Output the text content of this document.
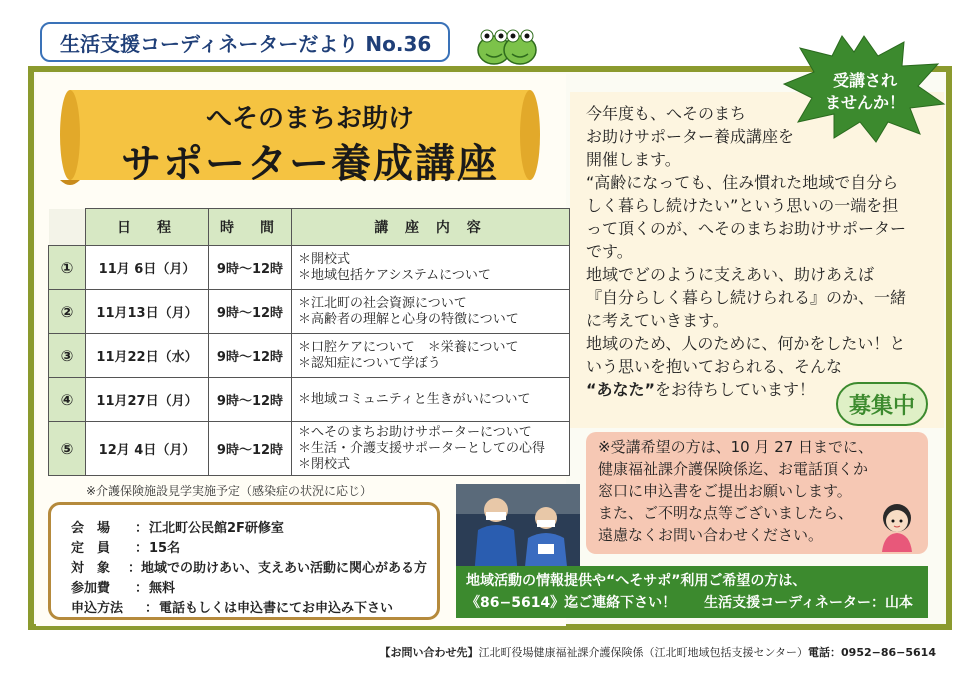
生活支援コーディネーターだより No.36
へそのまちお助け
サポーター養成講座
	日　程	時　間	講 座 内 容
①	11月 6日（月）	9時〜12時	＊開校式
＊地域包括ケアシステムについて

②	11月13日（月）	9時〜12時	＊江北町の社会資源について
＊高齢者の理解と心身の特徴について

③	11月22日（水）	9時〜12時	＊口腔ケアについて　＊栄養について
＊認知症について学ぼう

④	11月27日（月）	9時〜12時	＊地域コミュニティと生きがいについて

⑤	12月 4日（月）	9時〜12時	＊へそのまちお助けサポーターについて
＊生活・介護支援サポーターとしての心得
＊閉校式
※介護保険施設見学実施予定（感染症の状況に応じ）
会　場	： 江北町公民館2F研修室
定　員	： 15名
対　象	： 地域での助けあい、支えあい活動に関心がある方
参加費	： 無料
申込方法	： 電話もしくは申込書にてお申込み下さい
今年度も、へそのまち
お助けサポーター養成講座を
開催します。
“高齢になっても、住み慣れた地域で自分ら
しく暮らし続けたい”という思いの一端を担
って頂くのが、へそのまちお助けサポーター
です。
地域でどのように支えあい、助けあえば
『自分らしく暮らし続けられる』のか、一緒
に考えていきます。
地域のため、人のために、何かをしたい！と
いう思いを抱いておられる、そんな
“あなた”をお待ちしています！
受講され
ませんか！
募集中
※受講希望の方は、10 月 27 日までに、
健康福祉課介護保険係迄、お電話頂くか
窓口に申込書をご提出お願いします。
また、ご不明な点等ございましたら、
遠慮なくお問い合わせください。
地域活動の情報提供や“へそサポ”利用ご希望の方は、
《86−5614》迄ご連絡下さい！　　生活支援コーディネーター：山本
【お問い合わせ先】江北町役場健康福祉課介護保険係（江北町地域包括支援センター）電話：0952−86−5614
